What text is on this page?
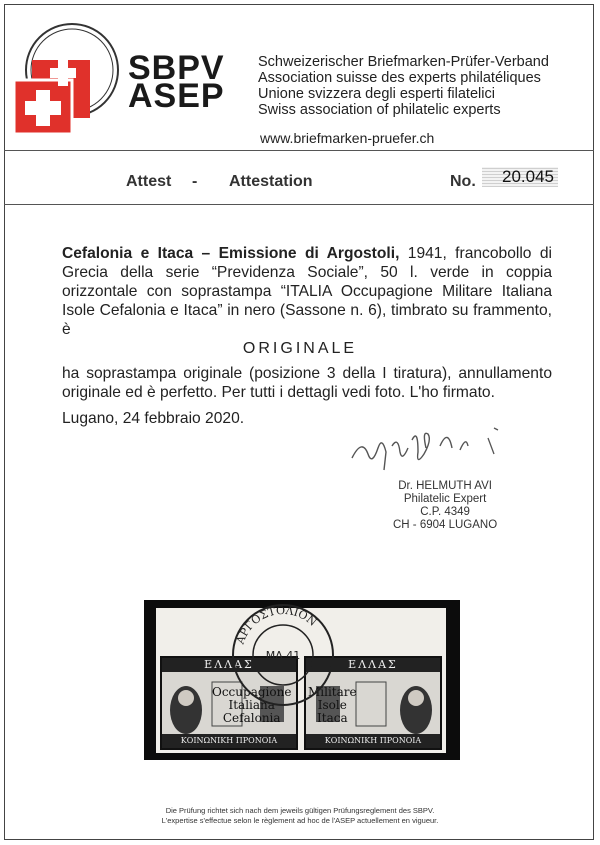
SBPV
ASEP
Schweizerischer Briefmarken-Prüfer-Verband
Association suisse des experts philatéliques
Unione svizzera degli esperti filatelici
Swiss association of philatelic experts
www.briefmarken-pruefer.ch
Attest - Attestation	No.	20.045
Cefalonia e Itaca – Emissione di Argostoli, 1941, francobollo di Grecia della serie “Previdenza Sociale”, 50 l. verde in coppia orizzontale con soprastampa “ITALIA Occupagione Militare Italiana Isole Cefalonia e Itaca” in nero (Sassone n. 6), timbrato su frammento, è
ORIGINALE
ha soprastampa originale (posizione 3 della I tiratura), annullamento originale ed è perfetto. Per tutti i dettagli vedi foto. L'ho firmato.
Lugano, 24 febbraio 2020.
Dr. HELMUTH AVI
Philatelic Expert
C.P. 4349
CH - 6904 LUGANO
ΕΛΛΑΣ
ΚΟΙΝΩΝΙΚΗ ΠΡΟΝΟΙΑ
ΕΛΛΑΣ
ΚΟΙΝΩΝΙΚΗ ΠΡΟΝΟΙΑ
Occupagione
Italiana
Cefalonia
Militare
Isole
Itaca
ΑΡΓΟΣΤΟΛΙΟΝ
MA 41
Die Prüfung richtet sich nach dem jeweils gültigen Prüfungsreglement des SBPV.
L'expertise s'effectue selon le règlement ad hoc de l'ASEP actuellement en vigueur.
